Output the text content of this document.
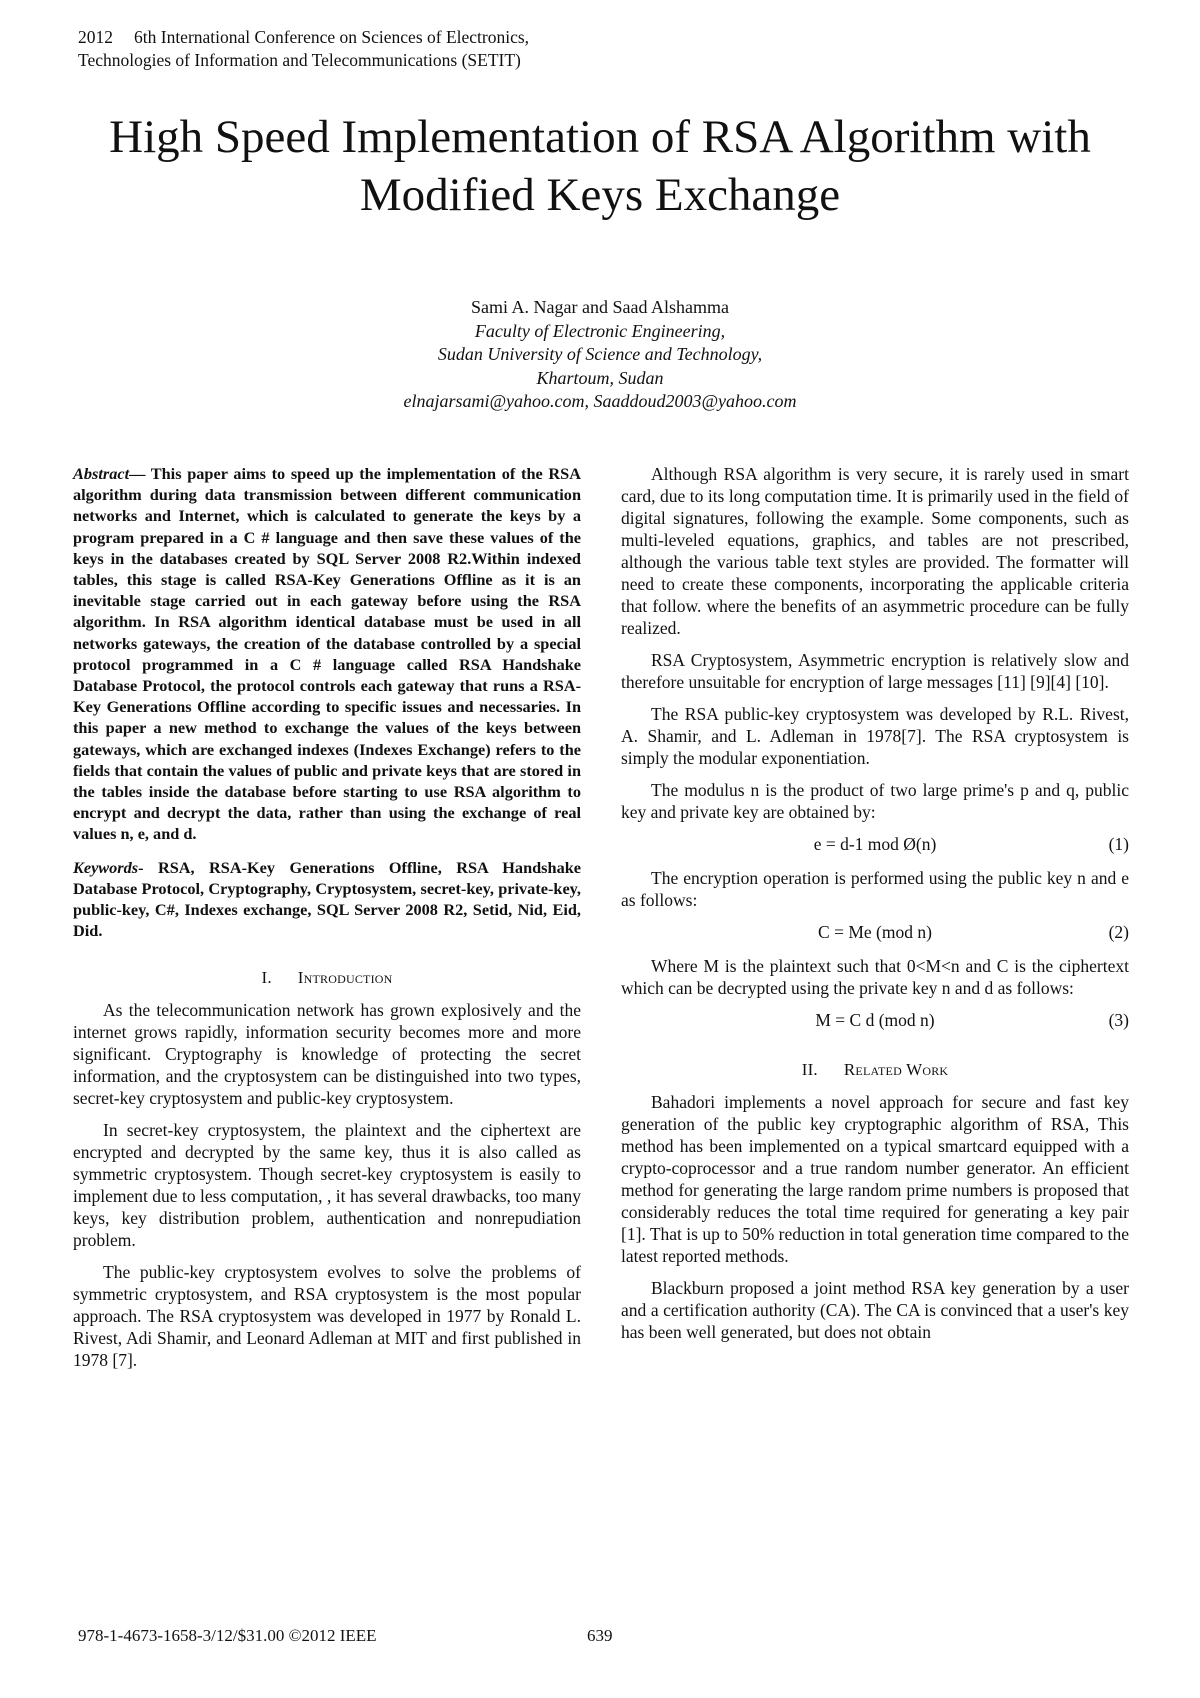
2012 6th International Conference on Sciences of Electronics,
Technologies of Information and Telecommunications (SETIT)
High Speed Implementation of RSA Algorithm with
Modified Keys Exchange
Sami A. Nagar and Saad Alshamma
Faculty of Electronic Engineering,
Sudan University of Science and Technology,
Khartoum, Sudan
elnajarsami@yahoo.com, Saaddoud2003@yahoo.com

Abstract— This paper aims to speed up the implementation of the RSA algorithm during data transmission between different communication networks and Internet, which is calculated to generate the keys by a program prepared in a C # language and then save these values of the keys in the databases created by SQL Server 2008 R2.Within indexed tables, this stage is called RSA-Key Generations Offline as it is an inevitable stage carried out in each gateway before using the RSA algorithm. In RSA algorithm identical database must be used in all networks gateways, the creation of the database controlled by a special protocol programmed in a C # language called RSA Handshake Database Protocol, the protocol controls each gateway that runs a RSA-Key Generations Offline according to specific issues and necessaries. In this paper a new method to exchange the values of the keys between gateways, which are exchanged indexes (Indexes Exchange) refers to the fields that contain the values of public and private keys that are stored in the tables inside the database before starting to use RSA algorithm to encrypt and decrypt the data, rather than using the exchange of real values n, e, and d.

Keywords- RSA, RSA-Key Generations Offline, RSA Handshake Database Protocol, Cryptography, Cryptosystem, secret-key, private-key, public-key, C#, Indexes exchange, SQL Server 2008 R2, Setid, Nid, Eid, Did.

I. Introduction

As the telecommunication network has grown explosively and the internet grows rapidly, information security becomes more and more significant. Cryptography is knowledge of protecting the secret information, and the cryptosystem can be distinguished into two types, secret-key cryptosystem and public-key cryptosystem.

In secret-key cryptosystem, the plaintext and the ciphertext are encrypted and decrypted by the same key, thus it is also called as symmetric cryptosystem. Though secret-key cryptosystem is easily to implement due to less computation, , it has several drawbacks, too many keys, key distribution problem, authentication and nonrepudiation problem.

The public-key cryptosystem evolves to solve the problems of symmetric cryptosystem, and RSA cryptosystem is the most popular approach. The RSA cryptosystem was developed in 1977 by Ronald L. Rivest, Adi Shamir, and Leonard Adleman at MIT and first published in 1978 [7].

Although RSA algorithm is very secure, it is rarely used in smart card, due to its long computation time. It is primarily used in the field of digital signatures, following the example. Some components, such as multi-leveled equations, graphics, and tables are not prescribed, although the various table text styles are provided. The formatter will need to create these components, incorporating the applicable criteria that follow. where the benefits of an asymmetric procedure can be fully realized.

RSA Cryptosystem, Asymmetric encryption is relatively slow and therefore unsuitable for encryption of large messages [11] [9][4] [10].

The RSA public-key cryptosystem was developed by R.L. Rivest, A. Shamir, and L. Adleman in 1978[7]. The RSA cryptosystem is simply the modular exponentiation.

The modulus n is the product of two large prime's p and q, public key and private key are obtained by:

e = d-1 mod Ø(n)	(1)

The encryption operation is performed using the public key n and e as follows:

C = Me (mod n)	(2)

Where M is the plaintext such that 0<M<n and C is the ciphertext which can be decrypted using the private key n and d as follows:

M = C d (mod n)	(3)
II. Related Work

Bahadori implements a novel approach for secure and fast key generation of the public key cryptographic algorithm of RSA, This method has been implemented on a typical smartcard equipped with a crypto-coprocessor and a true random number generator. An efficient method for generating the large random prime numbers is proposed that considerably reduces the total time required for generating a key pair [1]. That is up to 50% reduction in total generation time compared to the latest reported methods.

Blackburn proposed a joint method RSA key generation by a user and a certification authority (CA). The CA is convinced that a user's key has been well generated, but does not obtain

978-1-4673-1658-3/12/$31.00 ©2012 IEEE	639
